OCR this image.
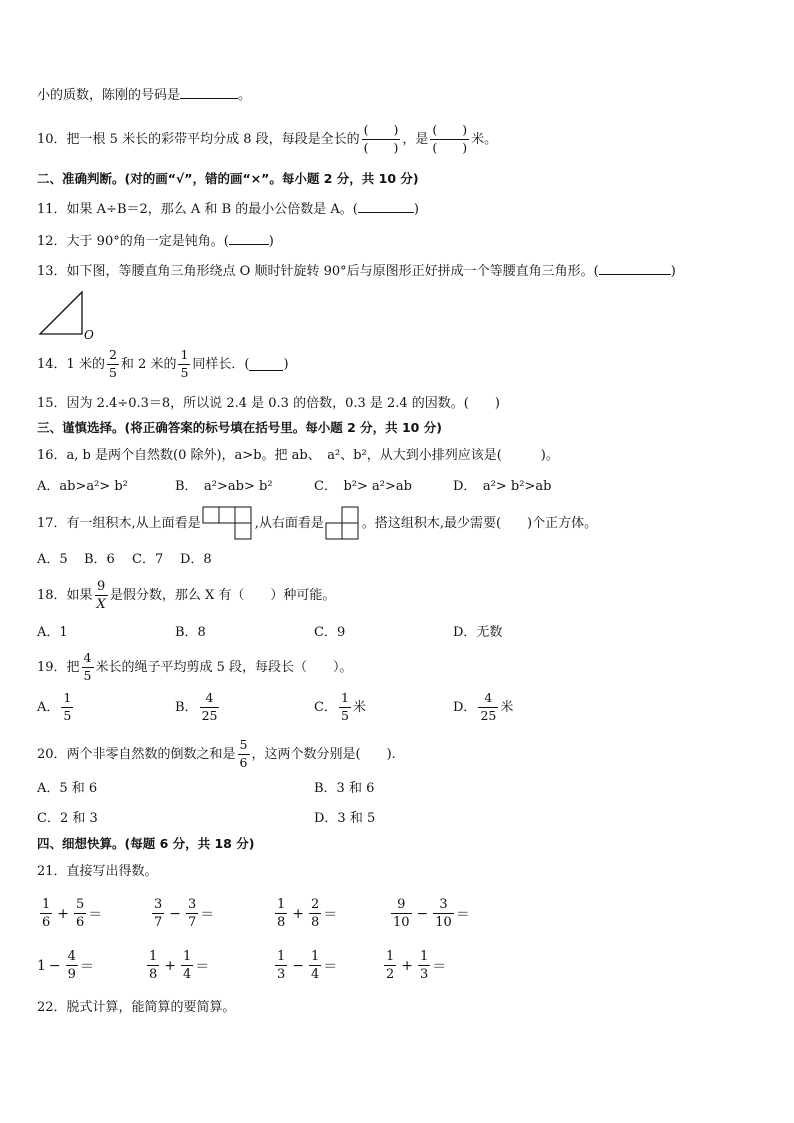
小的质数，陈刚的号码是	。
10．把一根 5 米长的彩带平均分成 8 段，每段是全长的 $\frac{( )}{( )}$ ，是 $\frac{( )}{( )}$ 米。
二、准确判断。(对的画“√”，错的画“×”。每小题 2 分，共 10 分)
11．如果 A÷B＝2，那么 A 和 B 的最小公倍数是 A。(	)
12．大于 90°的角一定是钝角。(	)
13．如下图，等腰直角三角形绕点 O 顺时针旋转 90°后与原图形正好拼成一个等腰直角三角形。(	)
O
14．1 米的 $\frac{2}{5}$ 和 2 米的 $\frac{1}{5}$ 同样长．(	)
15．因为 2.4÷0.3＝8，所以说 2.4 是 0.3 的倍数，0.3 是 2.4 的因数。(　　)
三、谨慎选择。(将正确答案的标号填在括号里。每小题 2 分，共 10 分)
16．a, b 是两个自然数(0 除外)，a>b。把 ab、　a²、b²，从大到小排列应该是(　　　)。
A．ab>a²> b²	B．　a²>ab> b²	C．　b²> a²>ab	D．　a²> b²>ab
17．有一组积木,从上面看是	,从右面看是	。搭这组积木,最少需要(　　)个正方体。
A．5 B．6 C．7 D．8
18．如果 $\frac{9}{X}$ 是假分数，那么 X 有（　　）种可能。
A．1	B．8	C．9	D．无数
19．把 $\frac{4}{5}$ 米长的绳子平均剪成 5 段，每段长（　　）。
A． $\frac{1}{5}$	B． $\frac{4}{25}$	C． $\frac{1}{5}$ 米	D． $\frac{4}{25}$ 米
20．两个非零自然数的倒数之和是 $\frac{5}{6}$ ，这两个数分别是(　　).
A．5 和 6	B．3 和 6
C．2 和 3	D．3 和 5
四、细想快算。(每题 6 分，共 18 分)
21．直接写出得数。
$\frac{1}{6} + \frac{5}{6}$ ＝	$\frac{3}{7} - \frac{3}{7}$ ＝	$\frac{1}{8} + \frac{2}{8}$ ＝	$\frac{9}{10} - \frac{3}{10}$ ＝
$1 - \frac{4}{9}$ ＝	$\frac{1}{8} + \frac{1}{4}$ ＝	$\frac{1}{3} - \frac{1}{4}$ ＝	$\frac{1}{2} + \frac{1}{3}$ ＝
22．脱式计算，能简算的要简算。
